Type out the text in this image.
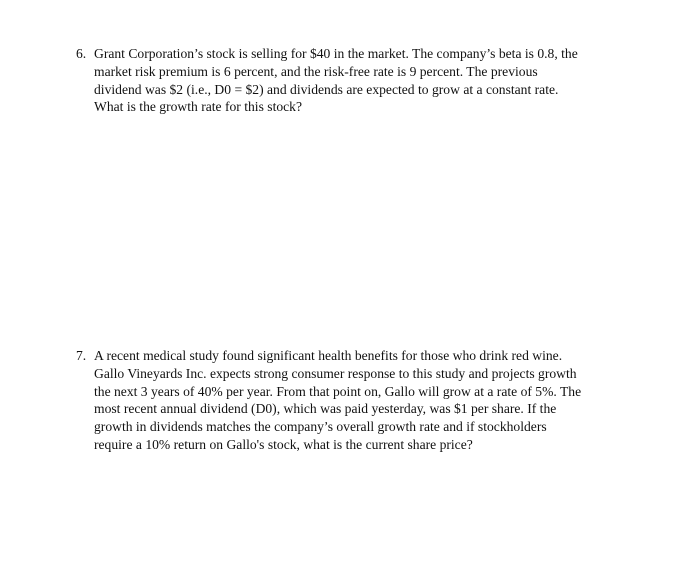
6. Grant Corporation’s stock is selling for $40 in the market. The company’s beta is 0.8, the
market risk premium is 6 percent, and the risk-free rate is 9 percent. The previous
dividend was $2 (i.e., D0 = $2) and dividends are expected to grow at a constant rate.
What is the growth rate for this stock?
7. A recent medical study found significant health benefits for those who drink red wine.
Gallo Vineyards Inc. expects strong consumer response to this study and projects growth
the next 3 years of 40% per year. From that point on, Gallo will grow at a rate of 5%. The
most recent annual dividend (D0), which was paid yesterday, was $1 per share. If the
growth in dividends matches the company’s overall growth rate and if stockholders
require a 10% return on Gallo's stock, what is the current share price?
